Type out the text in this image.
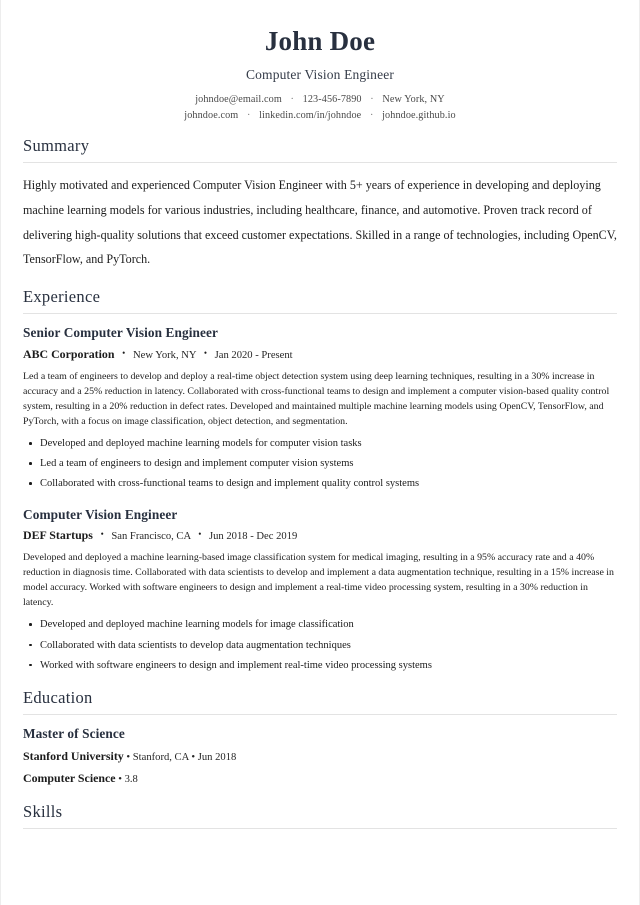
John Doe
Computer Vision Engineer
johndoe@email.com · 123-456-7890 · New York, NY
johndoe.com · linkedin.com/in/johndoe · johndoe.github.io
Summary
Highly motivated and experienced Computer Vision Engineer with 5+ years of experience in developing and deploying machine learning models for various industries, including healthcare, finance, and automotive. Proven track record of delivering high-quality solutions that exceed customer expectations. Skilled in a range of technologies, including OpenCV, TensorFlow, and PyTorch.
Experience
Senior Computer Vision Engineer
ABC Corporation • New York, NY • Jan 2020 - Present
Led a team of engineers to develop and deploy a real-time object detection system using deep learning techniques, resulting in a 30% increase in accuracy and a 25% reduction in latency. Collaborated with cross-functional teams to design and implement a computer vision-based quality control system, resulting in a 20% reduction in defect rates. Developed and maintained multiple machine learning models using OpenCV, TensorFlow, and PyTorch, with a focus on image classification, object detection, and segmentation.
Developed and deployed machine learning models for computer vision tasks
Led a team of engineers to design and implement computer vision systems
Collaborated with cross-functional teams to design and implement quality control systems
Computer Vision Engineer
DEF Startups • San Francisco, CA • Jun 2018 - Dec 2019
Developed and deployed a machine learning-based image classification system for medical imaging, resulting in a 95% accuracy rate and a 40% reduction in diagnosis time. Collaborated with data scientists to develop and implement a data augmentation technique, resulting in a 15% increase in model accuracy. Worked with software engineers to design and implement a real-time video processing system, resulting in a 30% reduction in latency.
Developed and deployed machine learning models for image classification
Collaborated with data scientists to develop data augmentation techniques
Worked with software engineers to design and implement real-time video processing systems
Education
Master of Science
Stanford University • Stanford, CA • Jun 2018
Computer Science • 3.8
Skills
